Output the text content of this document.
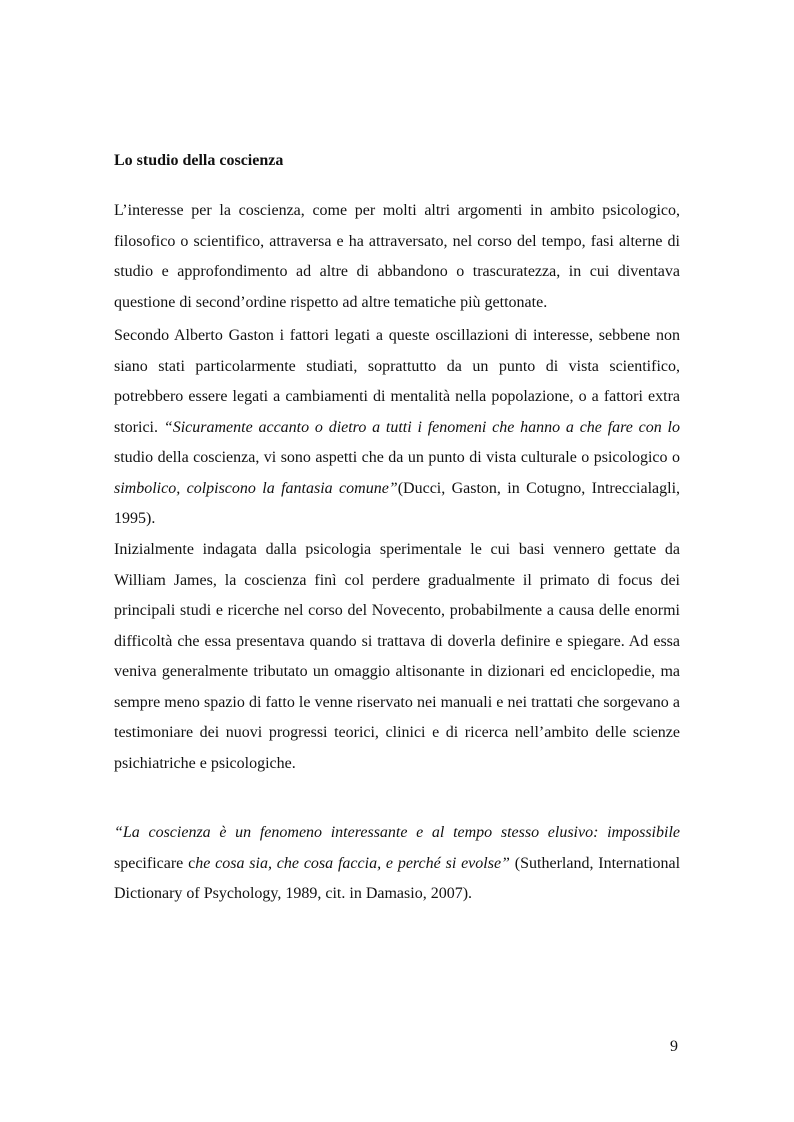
Lo studio della coscienza

L’interesse per la coscienza, come per molti altri argomenti in ambito psicologico, filosofico o scientifico, attraversa e ha attraversato, nel corso del tempo, fasi alterne di studio e approfondimento ad altre di abbandono o trascuratezza, in cui diventava questione di second’ordine rispetto ad altre tematiche più gettonate.

Secondo Alberto Gaston i fattori legati a queste oscillazioni di interesse, sebbene non siano stati particolarmente studiati, soprattutto da un punto di vista scientifico, potrebbero essere legati a cambiamenti di mentalità nella popolazione, o a fattori extra storici. “Sicuramente accanto o dietro a tutti i fenomeni che hanno a che fare con lo studio della coscienza, vi sono aspetti che da un punto di vista culturale o psicologico o simbolico, colpiscono la fantasia comune”(Ducci, Gaston, in Cotugno, Intreccialagli, 1995).

Inizialmente indagata dalla psicologia sperimentale le cui basi vennero gettate da William James, la coscienza finì col perdere gradualmente il primato di focus dei principali studi e ricerche nel corso del Novecento, probabilmente a causa delle enormi difficoltà che essa presentava quando si trattava di doverla definire e spiegare. Ad essa veniva generalmente tributato un omaggio altisonante in dizionari ed enciclopedie, ma sempre meno spazio di fatto le venne riservato nei manuali e nei trattati che sorgevano a testimoniare dei nuovi progressi teorici, clinici e di ricerca nell’ambito delle scienze psichiatriche e psicologiche.

“La coscienza è un fenomeno interessante e al tempo stesso elusivo: impossibile specificare che cosa sia, che cosa faccia, e perché si evolse” (Sutherland, International Dictionary of Psychology, 1989, cit. in Damasio, 2007).

9
